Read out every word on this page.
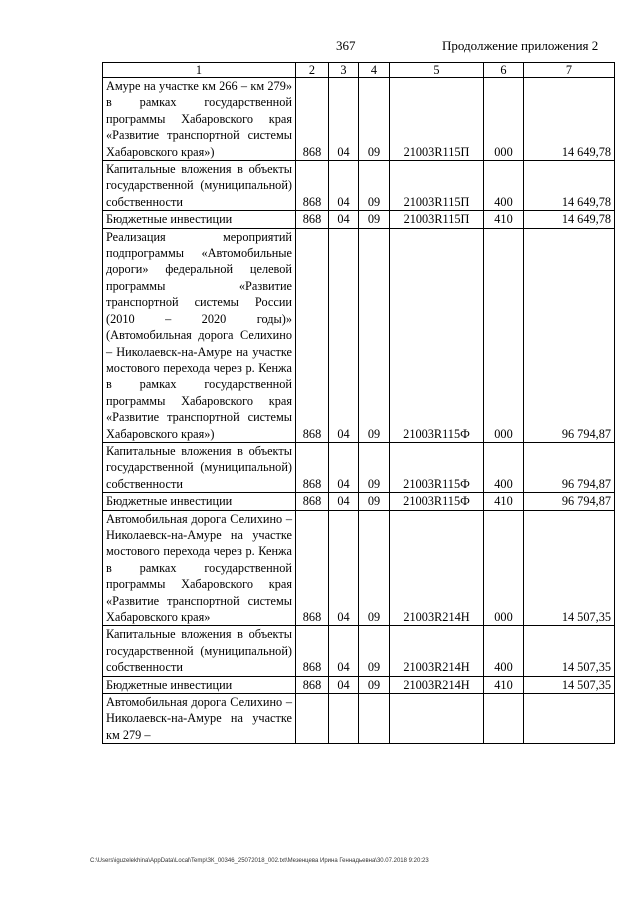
367	Продолжение приложения 2
1	2	3	4	5	6	7
Амуре на участке км 266 – км 279» в рамках государственной программы Хабаровского края «Развитие транспортной системы Хабаровского края»)	868	04	09	21003R115П	000	14 649,78
Капитальные вложения в объекты государственной (муниципальной) собственности	868	04	09	21003R115П	400	14 649,78
Бюджетные инвестиции	868	04	09	21003R115П	410	14 649,78
Реализация мероприятий подпрограммы «Автомобильные дороги» федеральной целевой программы «Развитие транспортной системы России (2010 – 2020 годы)» (Автомобильная дорога Селихино – Николаевск-на-Амуре на участке мостового перехода через р. Кенжа в рамках государственной программы Хабаровского края «Развитие транспортной системы Хабаровского края»)	868	04	09	21003R115Ф	000	96 794,87
Капитальные вложения в объекты государственной (муниципальной) собственности	868	04	09	21003R115Ф	400	96 794,87
Бюджетные инвестиции	868	04	09	21003R115Ф	410	96 794,87
Автомобильная дорога Селихино – Николаевск-на-Амуре на участке мостового перехода через р. Кенжа в рамках государственной программы Хабаровского края «Развитие транспортной системы Хабаровского края»	868	04	09	21003R214Н	000	14 507,35
Капитальные вложения в объекты государственной (муниципальной) собственности	868	04	09	21003R214Н	400	14 507,35
Бюджетные инвестиции	868	04	09	21003R214Н	410	14 507,35
Автомобильная дорога Селихино – Николаевск-на-Амуре на участке км 279 –						
C:\Users\iguzelekhina\AppData\Local\Temp\ЗК_00346_25072018_002.txt\Мезенцева Ирина Геннадьевна\30.07.2018 9:20:23
